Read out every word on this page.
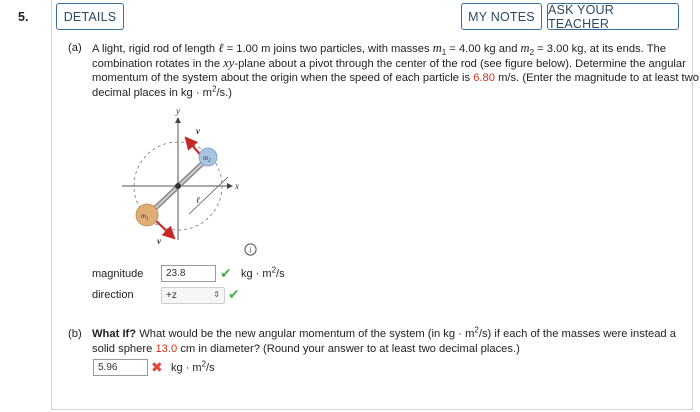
5.	DETAILS	MY NOTES	ASK YOUR TEACHER
(a) A light, rigid rod of length ℓ = 1.00 m joins two particles, with masses $m_1 = 4.00$ kg and $m_2 = 3.00$ kg, at its ends. The
combination rotates in the xy-plane about a pivot through the center of the rod (see figure below). Determine the angular
momentum of the system about the origin when the speed of each particle is 6.80 m/s. (Enter the magnitude to at least two
decimal places in kg · $m^2/s$.)
y
x
ℓ
v
v
$m_2$
$m_1$
i
magnitude	23.8	✔ kg · $m^2/s$
direction	+z	⇕ ✔
(b) What If? What would be the new angular momentum of the system (in kg · $m^2/s$) if each of the masses were instead a
solid sphere 13.0 cm in diameter? (Round your answer to at least two decimal places.)
5.96	✖ kg · $m^2/s$
